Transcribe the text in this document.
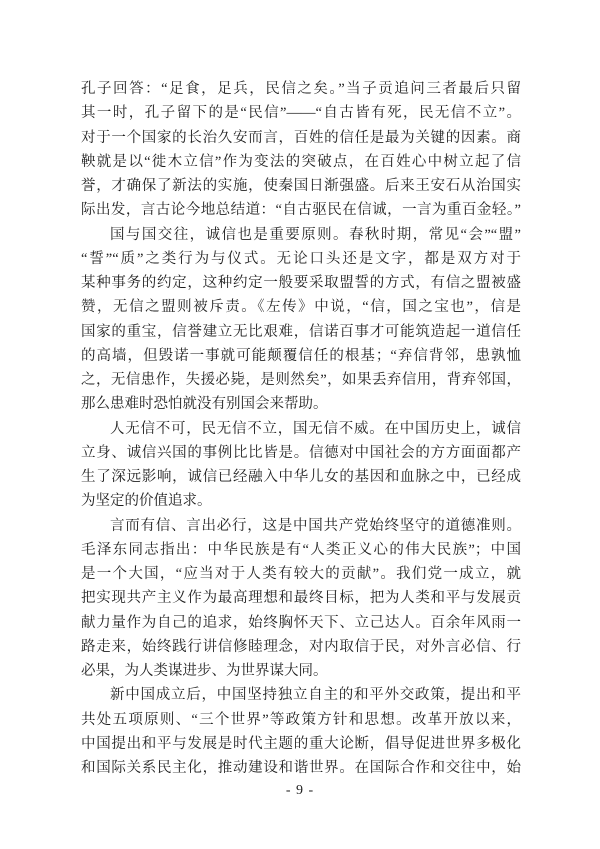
孔子回答：“足食，足兵，民信之矣。”当子贡追问三者最后只留
其一时，孔子留下的是“民信”——“自古皆有死，民无信不立”。
对于一个国家的长治久安而言，百姓的信任是最为关键的因素。商
鞅就是以“徙木立信”作为变法的突破点，在百姓心中树立起了信
誉，才确保了新法的实施，使秦国日渐强盛。后来王安石从治国实
际出发，言古论今地总结道：“自古驱民在信诚，一言为重百金轻。”
国与国交往，诚信也是重要原则。春秋时期，常见“会”“盟”
“誓”“质”之类行为与仪式。无论口头还是文字，都是双方对于
某种事务的约定，这种约定一般要采取盟誓的方式，有信之盟被盛
赞，无信之盟则被斥责。《左传》中说，“信，国之宝也”，信是
国家的重宝，信誉建立无比艰难，信诺百事才可能筑造起一道信任
的高墙，但毁诺一事就可能颠覆信任的根基；“弃信背邻，患孰恤
之，无信患作，失援必毙，是则然矣”，如果丢弃信用，背弃邻国，
那么患难时恐怕就没有别国会来帮助。
人无信不可，民无信不立，国无信不威。在中国历史上，诚信
立身、诚信兴国的事例比比皆是。信德对中国社会的方方面面都产
生了深远影响，诚信已经融入中华儿女的基因和血脉之中，已经成
为坚定的价值追求。
言而有信、言出必行，这是中国共产党始终坚守的道德准则。
毛泽东同志指出：中华民族是有“人类正义心的伟大民族”；中国
是一个大国，“应当对于人类有较大的贡献”。我们党一成立，就
把实现共产主义作为最高理想和最终目标，把为人类和平与发展贡
献力量作为自己的追求，始终胸怀天下、立己达人。百余年风雨一
路走来，始终践行讲信修睦理念，对内取信于民，对外言必信、行
必果，为人类谋进步、为世界谋大同。
新中国成立后，中国坚持独立自主的和平外交政策，提出和平
共处五项原则、“三个世界”等政策方针和思想。改革开放以来，
中国提出和平与发展是时代主题的重大论断，倡导促进世界多极化
和国际关系民主化，推动建设和谐世界。在国际合作和交往中，始
- 9 -
